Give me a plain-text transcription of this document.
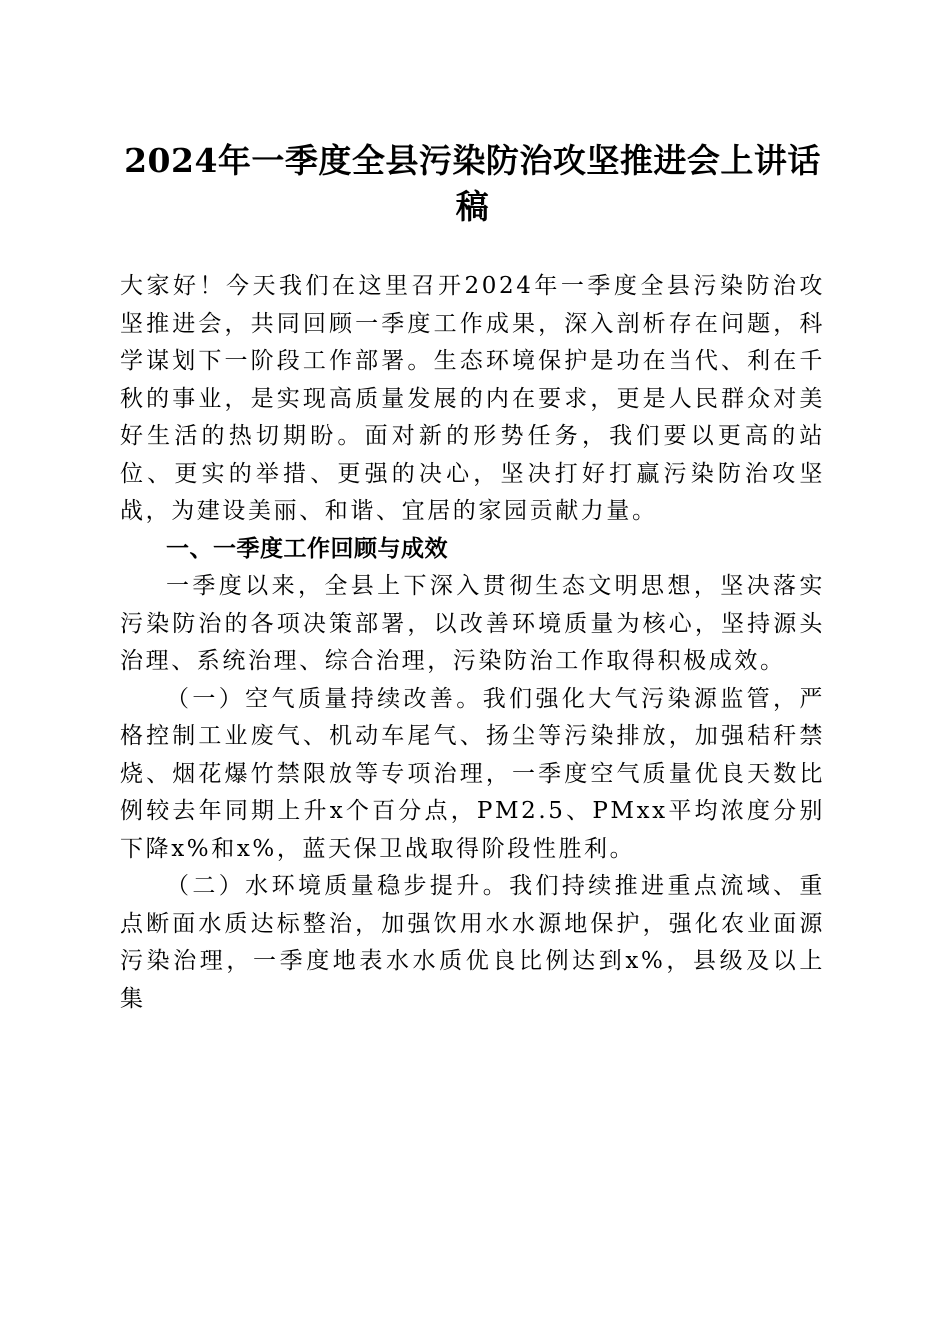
2024年一季度全县污染防治攻坚推进会上讲话稿

大家好！今天我们在这里召开2024年一季度全县污染防治攻坚推进会，共同回顾一季度工作成果，深入剖析存在问题，科学谋划下一阶段工作部署。生态环境保护是功在当代、利在千秋的事业，是实现高质量发展的内在要求，更是人民群众对美好生活的热切期盼。面对新的形势任务，我们要以更高的站位、更实的举措、更强的决心，坚决打好打赢污染防治攻坚战，为建设美丽、和谐、宜居的家园贡献力量。

一、一季度工作回顾与成效

一季度以来，全县上下深入贯彻生态文明思想，坚决落实污染防治的各项决策部署，以改善环境质量为核心，坚持源头治理、系统治理、综合治理，污染防治工作取得积极成效。

（一）空气质量持续改善。我们强化大气污染源监管，严格控制工业废气、机动车尾气、扬尘等污染排放，加强秸秆禁烧、烟花爆竹禁限放等专项治理，一季度空气质量优良天数比例较去年同期上升x个百分点，PM2.5、PMxx平均浓度分别下降x%和x%，蓝天保卫战取得阶段性胜利。

（二）水环境质量稳步提升。我们持续推进重点流域、重点断面水质达标整治，加强饮用水水源地保护，强化农业面源污染治理，一季度地表水水质优良比例达到x%，县级及以上集
